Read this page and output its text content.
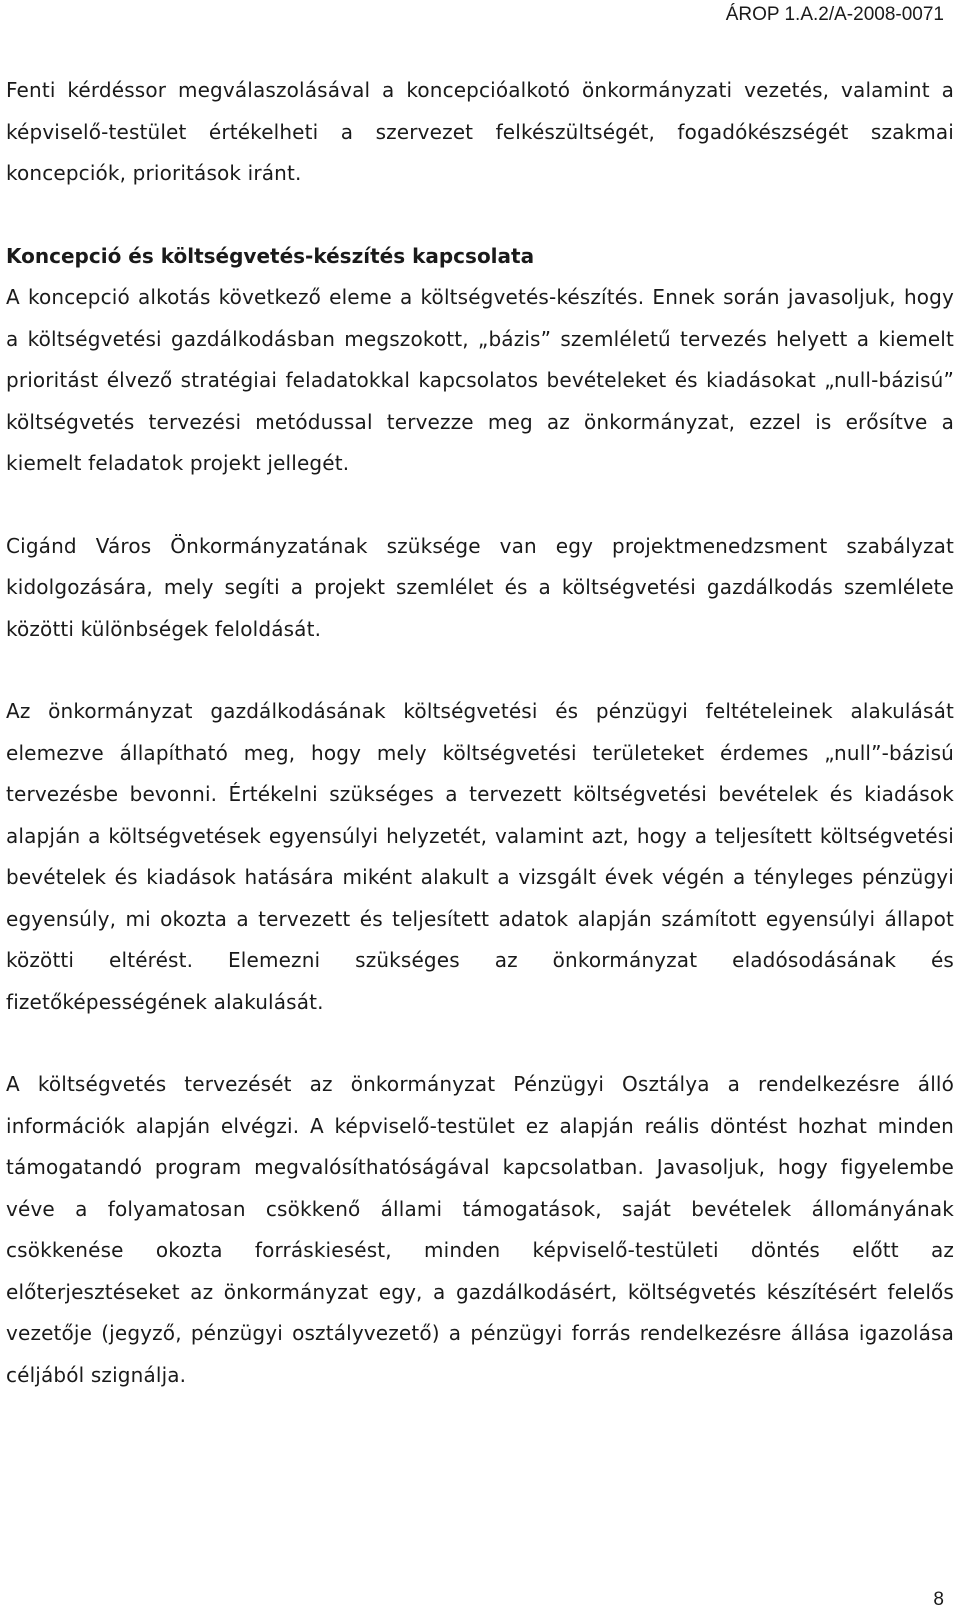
ÁROP 1.A.2/A-2008-0071

Fenti kérdéssor megválaszolásával a koncepcióalkotó önkormányzati vezetés, valamint a képviselő-testület értékelheti a szervezet felkészültségét, fogadókészségét szakmai koncepciók, prioritások iránt.

Koncepció és költségvetés-készítés kapcsolata

A koncepció alkotás következő eleme a költségvetés-készítés. Ennek során javasoljuk, hogy a költségvetési gazdálkodásban megszokott, „bázis” szemléletű tervezés helyett a kiemelt prioritást élvező stratégiai feladatokkal kapcsolatos bevételeket és kiadásokat „null-bázisú” költségvetés tervezési metódussal tervezze meg az önkormányzat, ezzel is erősítve a kiemelt feladatok projekt jellegét.

Cigánd Város Önkormányzatának szüksége van egy projektmenedzsment szabályzat kidolgozására, mely segíti a projekt szemlélet és a költségvetési gazdálkodás szemlélete közötti különbségek feloldását.

Az önkormányzat gazdálkodásának költségvetési és pénzügyi feltételeinek alakulását elemezve állapítható meg, hogy mely költségvetési területeket érdemes „null”-bázisú tervezésbe bevonni. Értékelni szükséges a tervezett költségvetési bevételek és kiadások alapján a költségvetések egyensúlyi helyzetét, valamint azt, hogy a teljesített költségvetési bevételek és kiadások hatására miként alakult a vizsgált évek végén a tényleges pénzügyi egyensúly, mi okozta a tervezett és teljesített adatok alapján számított egyensúlyi állapot közötti eltérést. Elemezni szükséges az önkormányzat eladósodásának és fizetőképességének alakulását.

A költségvetés tervezését az önkormányzat Pénzügyi Osztálya a rendelkezésre álló információk alapján elvégzi. A képviselő-testület ez alapján reális döntést hozhat minden támogatandó program megvalósíthatóságával kapcsolatban. Javasoljuk, hogy figyelembe véve a folyamatosan csökkenő állami támogatások, saját bevételek állományának csökkenése okozta forráskiesést, minden képviselő-testületi döntés előtt az előterjesztéseket az önkormányzat egy, a gazdálkodásért, költségvetés készítésért felelős vezetője (jegyző, pénzügyi osztályvezető) a pénzügyi forrás rendelkezésre állása igazolása céljából szignálja.

8
